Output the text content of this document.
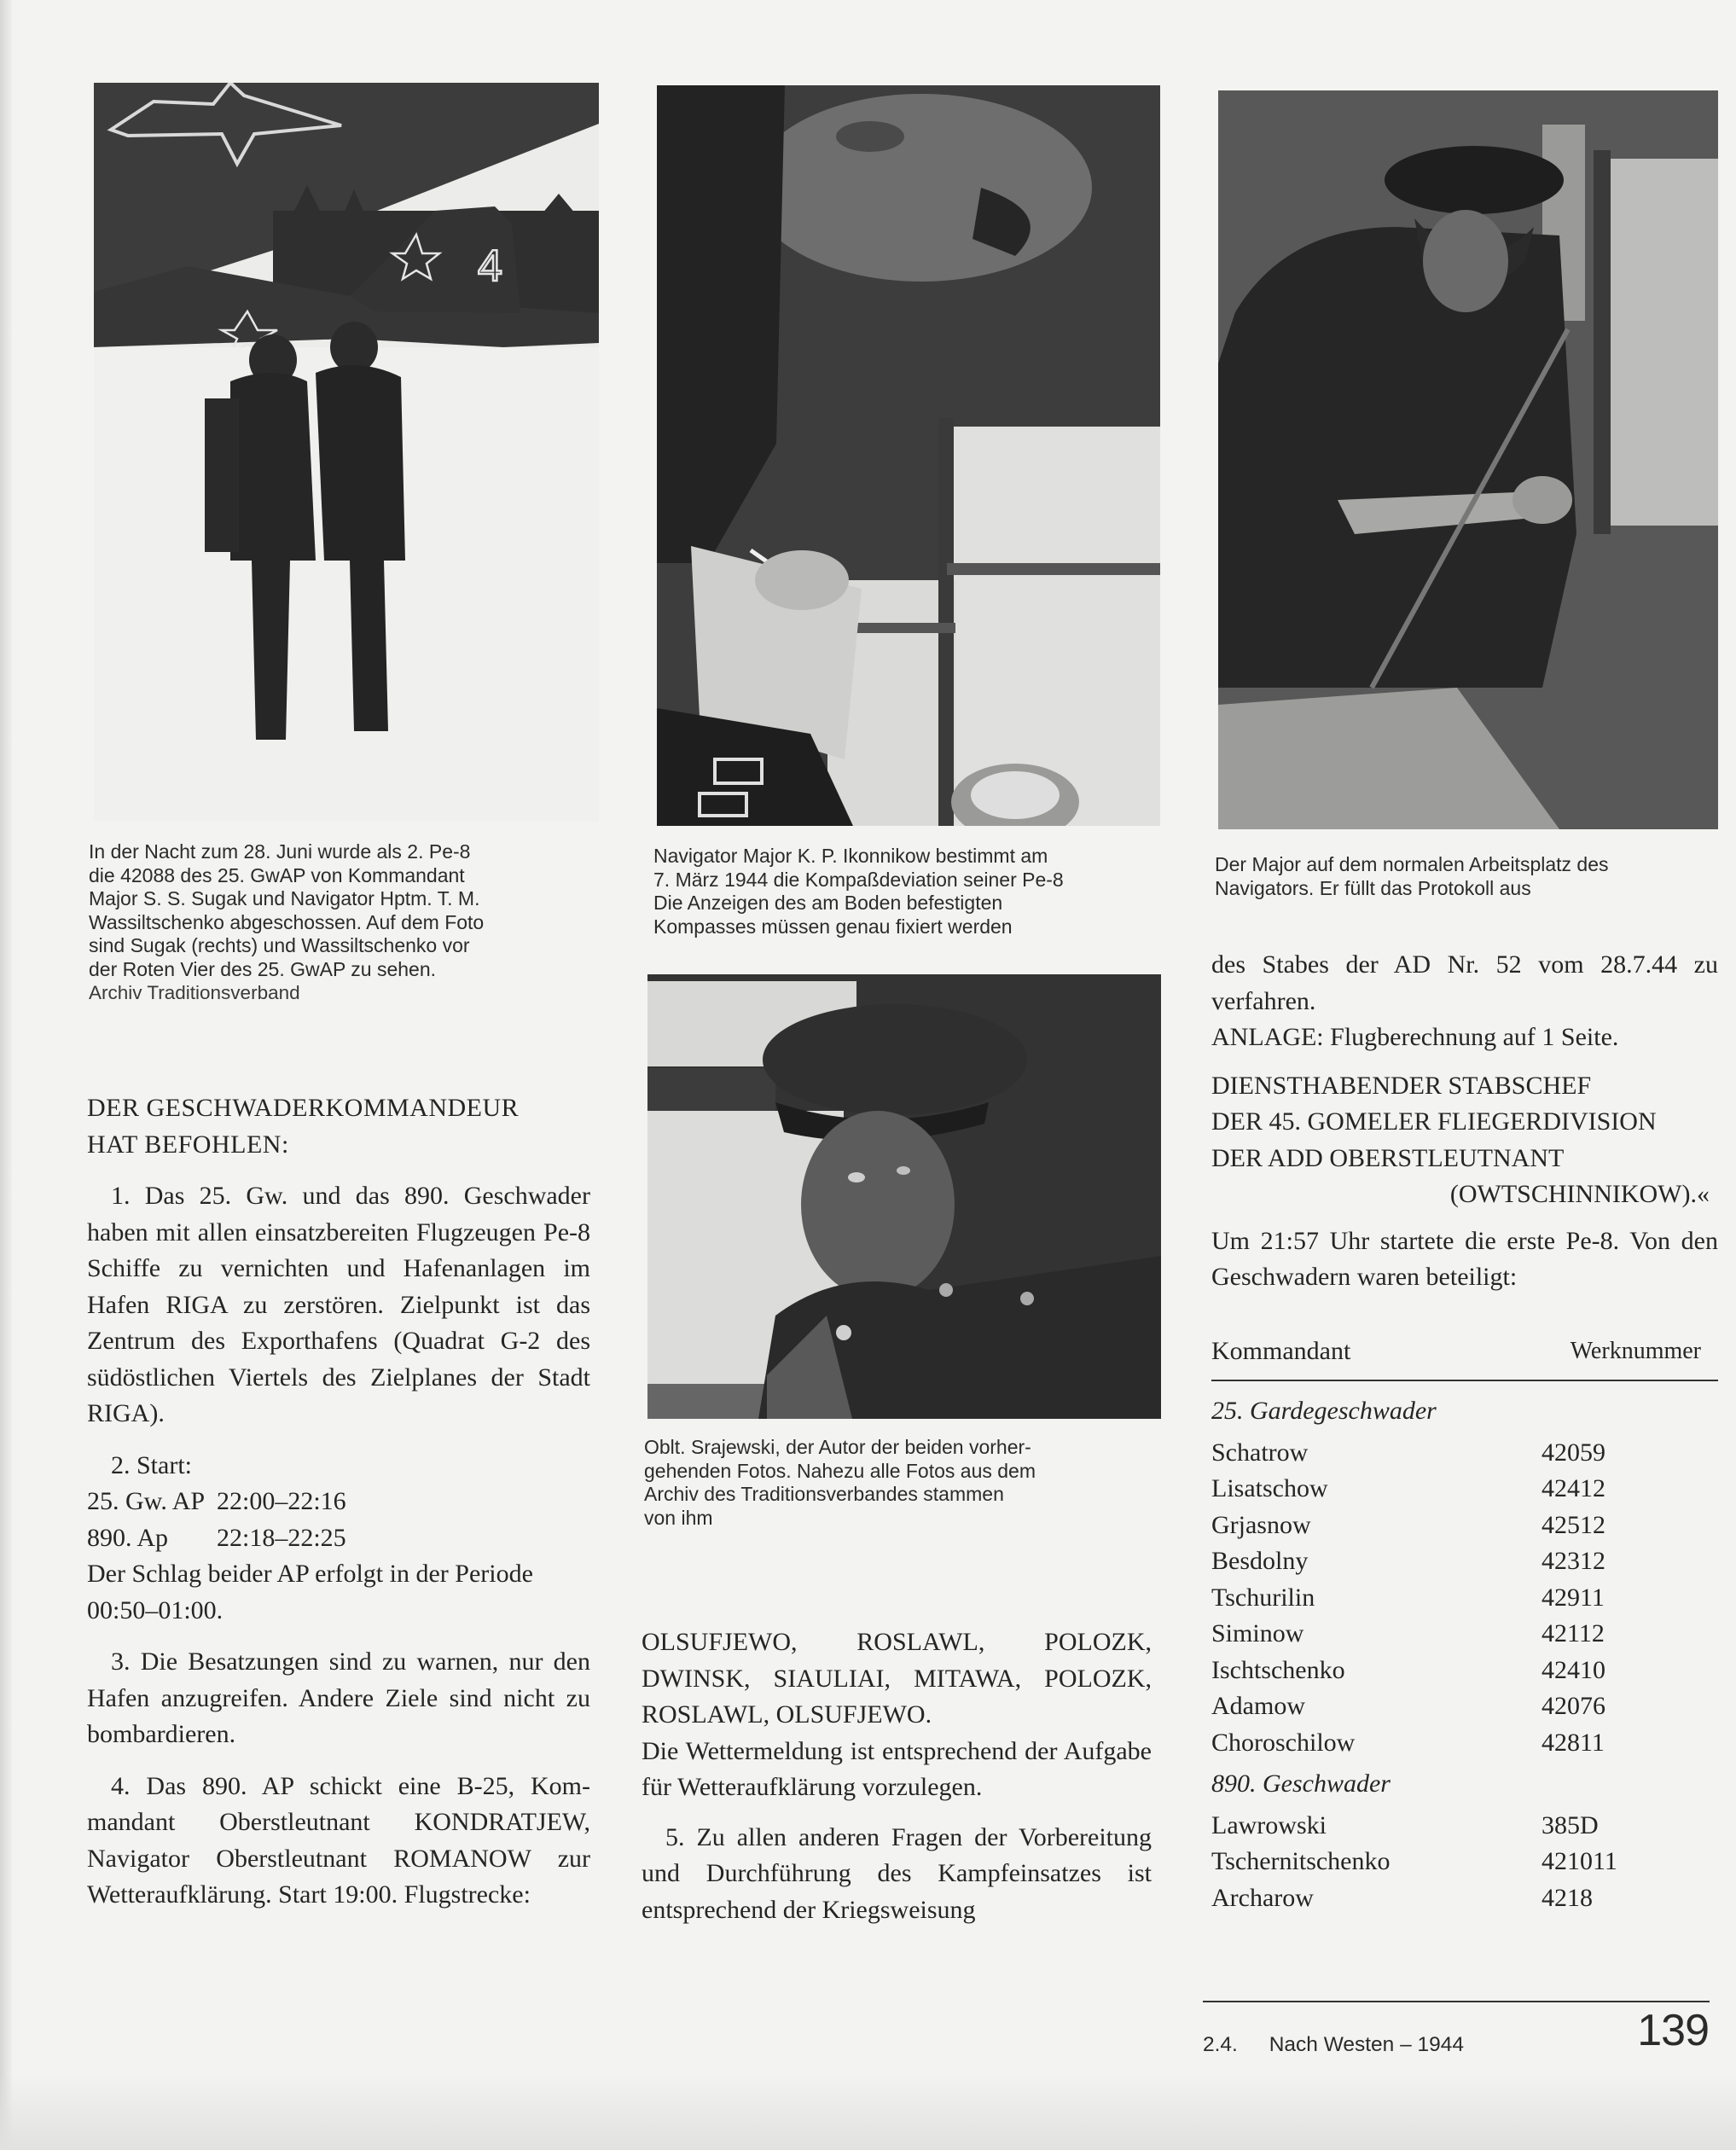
4
In der Nacht zum 28. Juni wurde als 2. Pe-8
die 42088 des 25. GwAP von Kommandant
Major S. S. Sugak und Navigator Hptm. T. M.
Wassiltschenko abgeschossen. Auf dem Foto
sind Sugak (rechts) und Wassiltschenko vor
der Roten Vier des 25. GwAP zu sehen.
Archiv Traditionsverband
Navigator Major K. P. Ikonnikow bestimmt am
7. März 1944 die Kompaßdeviation seiner Pe-8
Die Anzeigen des am Boden befestigten
Kompasses müssen genau fixiert werden
Der Major auf dem normalen Arbeitsplatz des
Navigators. Er füllt das Protokoll aus
Oblt. Srajewski, der Autor der beiden vorher-
gehenden Fotos. Nahezu alle Fotos aus dem
Archiv des Traditionsverbandes stammen
von ihm

DER GESCHWADERKOMMANDEUR

HAT BEFOHLEN:

1. Das 25. Gw. und das 890. Geschwader haben mit allen einsatzbereiten Flugzeugen Pe-8 Schiffe zu vernichten und Hafenanlagen im Hafen RIGA zu zerstören. Zielpunkt ist das Zentrum des Exporthafens (Quadrat G-2 des südöstlichen Viertels des Zielplanes der Stadt RIGA).

2. Start:

25. Gw. AP 22:00–22:16
890. Ap	22:18–22:25

Der Schlag beider AP erfolgt in der Periode 00:50–01:00.

3. Die Besatzungen sind zu warnen, nur den Hafen anzugreifen. Andere Ziele sind nicht zu bombardieren.

4. Das 890. AP schickt eine B-25, Kommandant Oberstleutnant KONDRATJEW, Navigator Oberstleutnant ROMANOW zur Wetteraufklärung. Start 19:00. Flugstrecke:

OLSUFJEWO, ROSLAWL, POLOZK, DWINSK, SIAULIAI, MITAWA, POLOZK, ROSLAWL, OLSUFJEWO.

Die Wettermeldung ist entsprechend der Aufgabe für Wetteraufklärung vorzulegen.

5. Zu allen anderen Fragen der Vorbereitung und Durchführung des Kampfeinsatzes ist entsprechend der Kriegsweisung

des Stabes der AD Nr. 52 vom 28.7.44 zu verfahren.

ANLAGE: Flugberechnung auf 1 Seite.

DIENSTHABENDER STABSCHEF

DER 45. GOMELER FLIEGERDIVISION

DER ADD OBERSTLEUTNANT

(OWTSCHINNIKOW).«

Um 21:57 Uhr startete die erste Pe-8. Von den Geschwadern waren beteiligt:

Kommandant	Werknummer
25. Gardegeschwader
Schatrow	42059
Lisatschow	42412
Grjasnow	42512
Besdolny	42312
Tschurilin	42911
Siminow	42112
Ischtschenko	42410
Adamow	42076
Choroschilow	42811
890. Geschwader
Lawrowski	385D
Tschernitschenko	421011
Archarow	4218
2.4. Nach Westen – 1944	139
